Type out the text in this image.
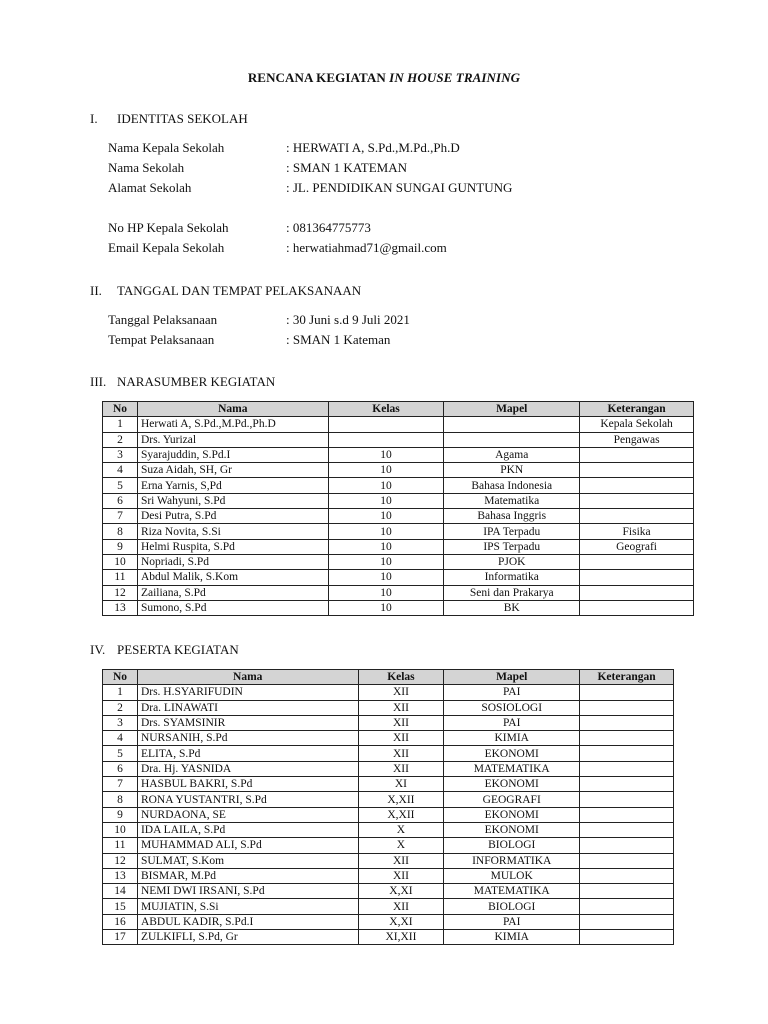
RENCANA KEGIATAN IN HOUSE TRAINING
I. IDENTITAS SEKOLAH
Nama Kepala Sekolah	: HERWATI A, S.Pd.,M.Pd.,Ph.D
Nama Sekolah	: SMAN 1 KATEMAN
Alamat Sekolah	: JL. PENDIDIKAN SUNGAI GUNTUNG
No HP Kepala Sekolah	: 081364775773
Email Kepala Sekolah	: herwatiahmad71@gmail.com
II. TANGGAL DAN TEMPAT PELAKSANAAN
Tanggal Pelaksanaan	: 30 Juni s.d 9 Juli 2021
Tempat Pelaksanaan	: SMAN 1 Kateman
III. NARASUMBER KEGIATAN
No	Nama	Kelas	Mapel	Keterangan
1	Herwati A, S.Pd.,M.Pd.,Ph.D			Kepala Sekolah
2	Drs. Yurizal			Pengawas
3	Syarajuddin, S.Pd.I	10	Agama	
4	Suza Aidah, SH, Gr	10	PKN	
5	Erna Yarnis, S,Pd	10	Bahasa Indonesia	
6	Sri Wahyuni, S.Pd	10	Matematika	
7	Desi Putra, S.Pd	10	Bahasa Inggris	
8	Riza Novita, S.Si	10	IPA Terpadu	Fisika
9	Helmi Ruspita, S.Pd	10	IPS Terpadu	Geografi
10	Nopriadi, S.Pd	10	PJOK	
11	Abdul Malik, S.Kom	10	Informatika	
12	Zailiana, S.Pd	10	Seni dan Prakarya	
13	Sumono, S.Pd	10	BK	
IV. PESERTA KEGIATAN
No	Nama	Kelas	Mapel	Keterangan
1	Drs. H.SYARIFUDIN	XII	PAI	
2	Dra. LINAWATI	XII	SOSIOLOGI	
3	Drs. SYAMSINIR	XII	PAI	
4	NURSANIH, S.Pd	XII	KIMIA	
5	ELITA, S.Pd	XII	EKONOMI	
6	Dra. Hj. YASNIDA	XII	MATEMATIKA	
7	HASBUL BAKRI, S.Pd	XI	EKONOMI	
8	RONA YUSTANTRI, S.Pd	X,XII	GEOGRAFI	
9	NURDAONA, SE	X,XII	EKONOMI	
10	IDA LAILA, S.Pd	X	EKONOMI	
11	MUHAMMAD ALI, S.Pd	X	BIOLOGI	
12	SULMAT, S.Kom	XII	INFORMATIKA	
13	BISMAR, M.Pd	XII	MULOK	
14	NEMI DWI IRSANI, S.Pd	X,XI	MATEMATIKA	
15	MUJIATIN, S.Si	XII	BIOLOGI	
16	ABDUL KADIR, S.Pd.I	X,XI	PAI	
17	ZULKIFLI, S.Pd, Gr	XI,XII	KIMIA	
